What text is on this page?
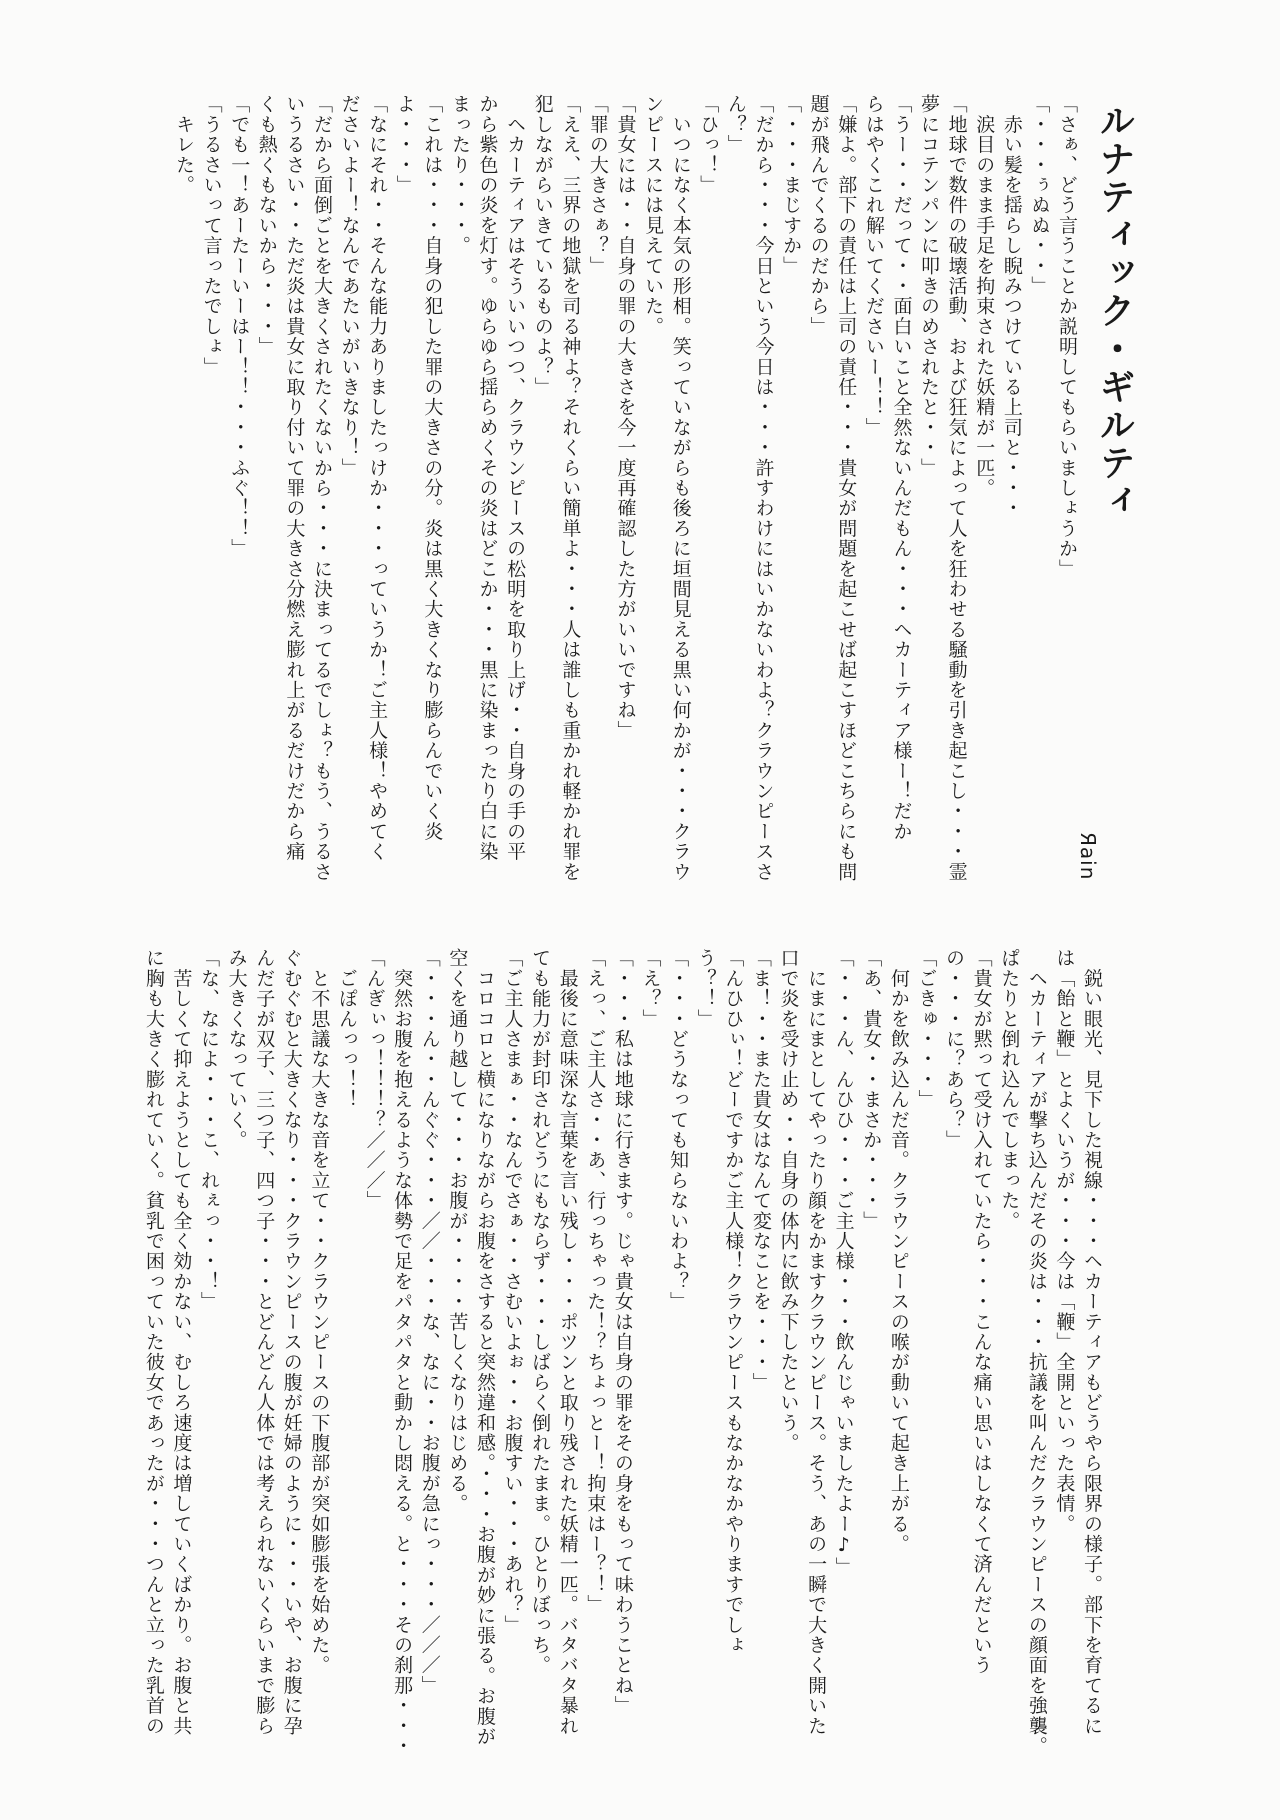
ルナティック・ギルティ
Яain
「さぁ、どう言うことか説明してもらいましょうか」
「・・・ぅぬぬ・・」
　赤い髪を揺らし睨みつけている上司と・・・
　涙目のまま手足を拘束された妖精が一匹。
「地球で数件の破壊活動、および狂気によって人を狂わせる騒動を引き起こし・・・霊
夢にコテンパンに叩きのめされたと・・」
「うー・・だって・・面白いこと全然ないんだもん・・・ヘカーティア様ー！だか
らはやくこれ解いてくださいー！！」
「嫌よ。部下の責任は上司の責任・・・貴女が問題を起こせば起こすほどこちらにも問
題が飛んでくるのだから」
「・・・まじすか」
「だから・・・今日という今日は・・・許すわけにはいかないわよ？クラウンピースさ
ん？」
「ひっ！」
　いつになく本気の形相。笑っていながらも後ろに垣間見える黒い何かが・・・クラウ
ンピースには見えていた。
「貴女には・・自身の罪の大きさを今一度再確認した方がいいですね」
「罪の大きさぁ？」
「ええ、三界の地獄を司る神よ？それくらい簡単よ・・・人は誰しも重かれ軽かれ罪を
犯しながらいきているものよ？」
　ヘカーティアはそういいつつ、クラウンピースの松明を取り上げ・・自身の手の平
から紫色の炎を灯す。ゆらゆら揺らめくその炎はどこか・・・黒に染まったり白に染
まったり・・・。
「これは・・・自身の犯した罪の大きさの分。炎は黒く大きくなり膨らんでいく炎
よ・・・」
「なにそれ・・そんな能力ありましたっけか・・・っていうか！ご主人様！やめてく
ださいよー！なんであたいがいきなり！」
「だから面倒ごとを大きくされたくないから・・・に決まってるでしょ？もう、うるさ
いうるさい・・ただ炎は貴女に取り付いて罪の大きさ分燃え膨れ上がるだけだから痛
くも熱くもないから・・・」
「でも一！あーたーいーはー！！・・・ふぐ！！」
「うるさいって言ったでしょ」
　キレた。
　鋭い眼光、見下した視線・・・ヘカーティアもどうやら限界の様子。部下を育てるに
は「飴と鞭」とよくいうが・・・今は「鞭」全開といった表情。
　ヘカーティアが撃ち込んだその炎は・・・抗議を叫んだクラウンピースの顔面を強襲。
ぱたりと倒れ込んでしまった。
「貴女が黙って受け入れていたら・・・こんな痛い思いはしなくて済んだという
の・・・に？あら？」
「ごきゅ・・・」
　何かを飲み込んだ音。クラウンピースの喉が動いて起き上がる。
「あ、貴女・・まさか・・・」
「・・・ん、んひひ・・・ご主人様・・・飲んじゃいましたよー♪」
　にまにまとしてやったり顔をかますクラウンピース。そう、あの一瞬で大きく開いた
口で炎を受け止め・・自身の体内に飲み下したという。
「ま！・・また貴女はなんて変なことを・・・」
「んひひぃ！どーですかご主人様！クラウンピースもなかなかやりますでしょ
う？！」
「・・・どうなっても知らないわよ？」
「え？」
「・・・私は地球に行きます。じゃ貴女は自身の罪をその身をもって味わうことね」
「えっ、ご主人さ・・あ、行っちゃった！？ちょっとー！拘束はー？！」
　最後に意味深な言葉を言い残し・・・ポツンと取り残された妖精一匹。バタバタ暴れ
ても能力が封印されどうにもならず・・・しばらく倒れたまま。ひとりぼっち。
「ご主人さまぁ・・なんでさぁ・・さむいよぉ・・お腹すい・・・あれ？」
　コロコロと横になりながらお腹をさすると突然違和感。・・・お腹が妙に張る。お腹が
空くを通り越して・・・お腹が・・・・苦しくなりはじめる。
「・・・ん・・んぐぐ・・・／／・・・な、なに・・お腹が急にっ・・・／／／」
　突然お腹を抱えるような体勢で足をパタパタと動かし悶える。と・・・その刹那・・・
「んぎぃっ！！！？／／／」
　ごぽんっっ！！
　と不思議な大きな音を立て・・クラウンピースの下腹部が突如膨張を始めた。
ぐむぐむと大きくなり・・・クラウンピースの腹が妊婦のように・・・いや、お腹に孕
んだ子が双子、三つ子、四つ子・・・とどんどん人体では考えられないくらいまで膨ら
み大きくなっていく。
「な、なによ・・・こ、れぇっ・・！」
　苦しくて抑えようとしても全く効かない、むしろ速度は増していくばかり。お腹と共
に胸も大きく膨れていく。貧乳で困っていた彼女であったが・・・つんと立った乳首の
